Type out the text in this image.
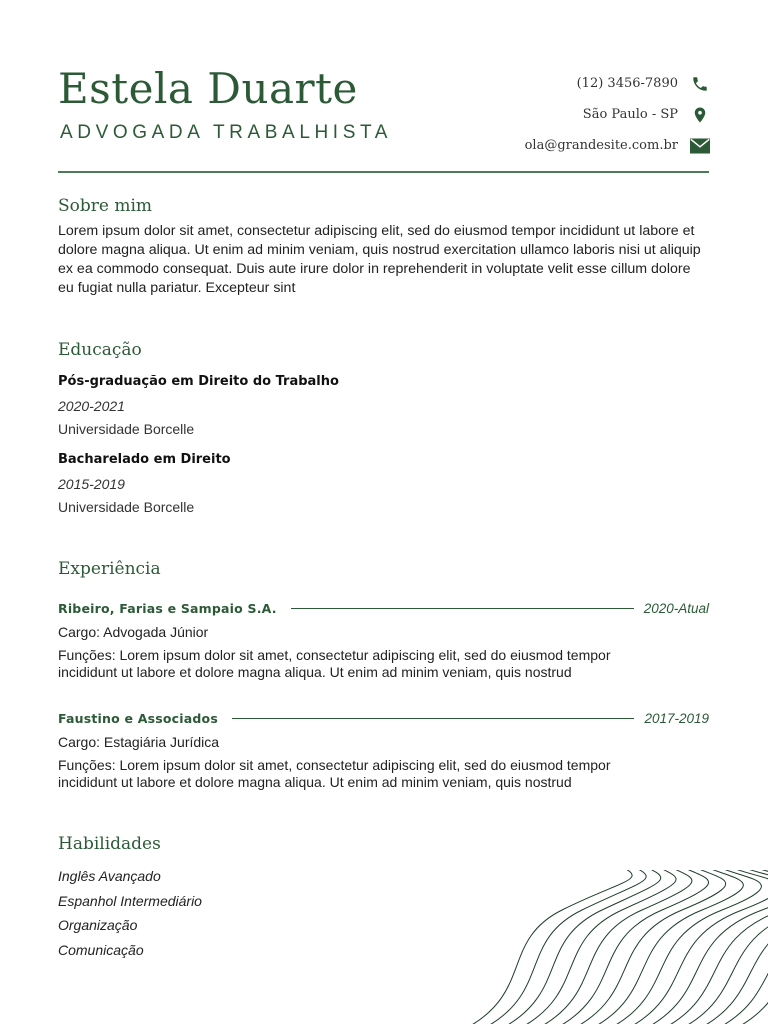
Estela Duarte
ADVOGADA TRABALHISTA
(12) 3456-7890
São Paulo - SP
ola@grandesite.com.br
Sobre mim
Lorem ipsum dolor sit amet, consectetur adipiscing elit, sed do eiusmod tempor incididunt ut labore et dolore magna aliqua. Ut enim ad minim veniam, quis nostrud exercitation ullamco laboris nisi ut aliquip ex ea commodo consequat. Duis aute irure dolor in reprehenderit in voluptate velit esse cillum dolore eu fugiat nulla pariatur. Excepteur sint
Educação
Pós-graduação em Direito do Trabalho
2020-2021
Universidade Borcelle
Bacharelado em Direito
2015-2019
Universidade Borcelle
Experiência
Ribeiro, Farias e Sampaio S.A.	2020-Atual
Cargo: Advogada Júnior
Funções: Lorem ipsum dolor sit amet, consectetur adipiscing elit, sed do eiusmod tempor incididunt ut labore et dolore magna aliqua. Ut enim ad minim veniam, quis nostrud
Faustino e Associados	2017-2019
Cargo: Estagiária Jurídica
Funções: Lorem ipsum dolor sit amet, consectetur adipiscing elit, sed do eiusmod tempor incididunt ut labore et dolore magna aliqua. Ut enim ad minim veniam, quis nostrud
Habilidades
Inglês Avançado
Espanhol Intermediário
Organização
Comunicação
